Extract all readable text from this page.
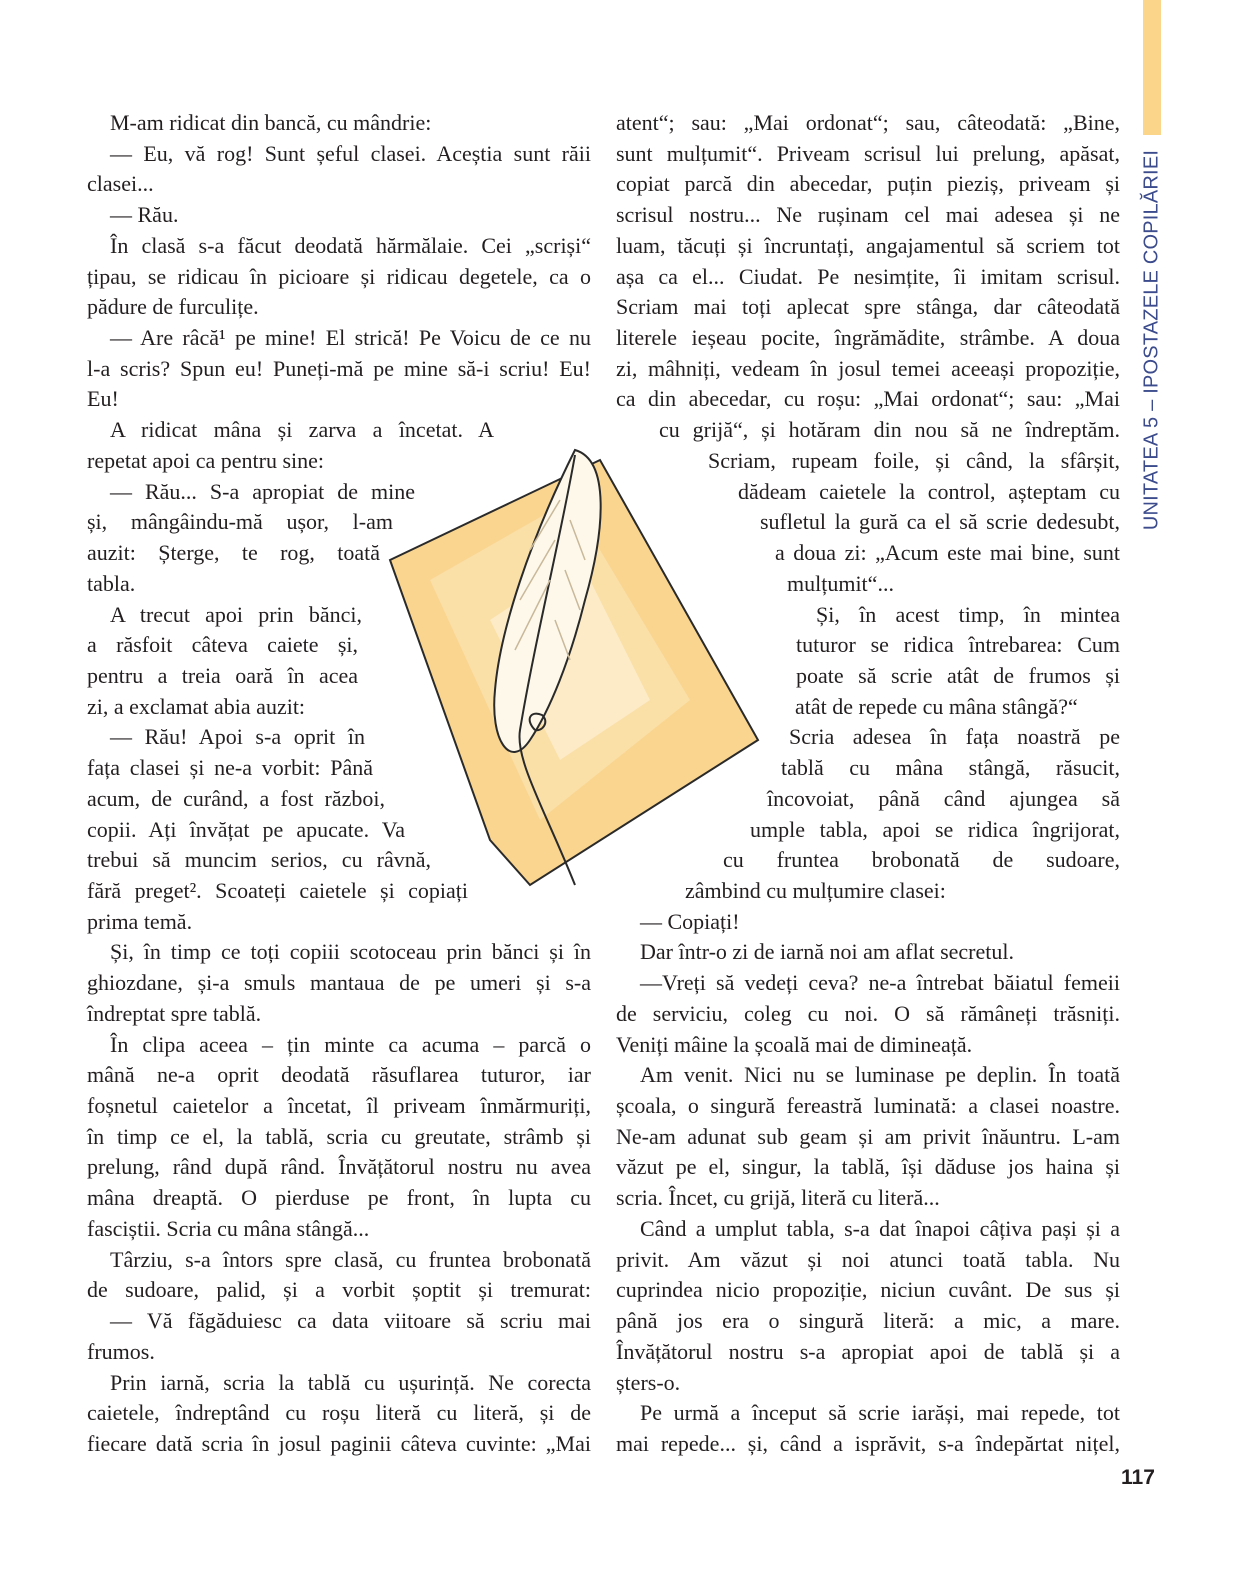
UNITATEA 5 – IPOSTAZELE COPILĂRIEI
M-am ridicat din bancă, cu mândrie:
— Eu, vă rog! Sunt șeful clasei. Aceștia sunt răii
clasei...
— Rău.
În clasă s-a făcut deodată hărmălaie. Cei „scriși“
țipau, se ridicau în picioare și ridicau degetele, ca o
pădure de furculițe.
— Are râcă¹ pe mine! El strică! Pe Voicu de ce nu
l-a scris? Spun eu! Puneți-mă pe mine să-i scriu! Eu!
Eu!
A ridicat mâna și zarva a încetat. A
repetat apoi ca pentru sine:
— Rău... S-a apropiat de mine
și, mângâindu-mă ușor, l-am
auzit: Șterge, te rog, toată
tabla.
A trecut apoi prin bănci,
a răsfoit câteva caiete și,
pentru a treia oară în acea
zi, a exclamat abia auzit:
— Rău! Apoi s-a oprit în
fața clasei și ne-a vorbit: Până
acum, de curând, a fost război,
copii. Ați învățat pe apucate. Va
trebui să muncim serios, cu râvnă,
fără preget². Scoateți caietele și copiați
prima temă.
Și, în timp ce toți copiii scotoceau prin bănci și în
ghiozdane, și-a smuls mantaua de pe umeri și s-a
îndreptat spre tablă.
În clipa aceea – țin minte ca acuma – parcă o
mână ne-a oprit deodată răsuflarea tuturor, iar
foșnetul caietelor a încetat, îl priveam înmărmuriți,
în timp ce el, la tablă, scria cu greutate, strâmb și
prelung, rând după rând. Învățătorul nostru nu avea
mâna dreaptă. O pierduse pe front, în lupta cu
fasciștii. Scria cu mâna stângă...
Târziu, s-a întors spre clasă, cu fruntea brobonată
de sudoare, palid, și a vorbit șoptit și tremurat:
— Vă făgăduiesc ca data viitoare să scriu mai
frumos.
Prin iarnă, scria la tablă cu ușurință. Ne corecta
caietele, îndreptând cu roșu literă cu literă, și de
fiecare dată scria în josul paginii câteva cuvinte: „Mai
atent“; sau: „Mai ordonat“; sau, câteodată: „Bine,
sunt mulțumit“. Priveam scrisul lui prelung, apăsat,
copiat parcă din abecedar, puțin pieziș, priveam și
scrisul nostru... Ne rușinam cel mai adesea și ne
luam, tăcuți și încruntați, angajamentul să scriem tot
așa ca el... Ciudat. Pe nesimțite, îi imitam scrisul.
Scriam mai toți aplecat spre stânga, dar câteodată
literele ieșeau pocite, îngrămădite, strâmbe. A doua
zi, mâhniți, vedeam în josul temei aceeași propoziție,
ca din abecedar, cu roșu: „Mai ordonat“; sau: „Mai
cu grijă“, și hotăram din nou să ne îndreptăm.
Scriam, rupeam foile, și când, la sfârșit,
dădeam caietele la control, așteptam cu
sufletul la gură ca el să scrie dedesubt,
a doua zi: „Acum este mai bine, sunt
mulțumit“...
Și, în acest timp, în mintea
tuturor se ridica întrebarea: Cum
poate să scrie atât de frumos și
atât de repede cu mâna stângă?“
Scria adesea în fața noastră pe
tablă cu mâna stângă, răsucit,
încovoiat, până când ajungea să
umple tabla, apoi se ridica îngrijorat,
cu fruntea brobonată de sudoare,
zâmbind cu mulțumire clasei:
— Copiați!
Dar într-o zi de iarnă noi am aflat secretul.
—Vreți să vedeți ceva? ne-a întrebat băiatul femeii
de serviciu, coleg cu noi. O să rămâneți trăsniți.
Veniți mâine la școală mai de dimineață.
Am venit. Nici nu se luminase pe deplin. În toată
școala, o singură fereastră luminată: a clasei noastre.
Ne-am adunat sub geam și am privit înăuntru. L-am
văzut pe el, singur, la tablă, își dăduse jos haina și
scria. Încet, cu grijă, literă cu literă...
Când a umplut tabla, s-a dat înapoi câțiva pași și a
privit. Am văzut și noi atunci toată tabla. Nu
cuprindea nicio propoziție, niciun cuvânt. De sus și
până jos era o singură literă: a mic, a mare.
Învățătorul nostru s-a apropiat apoi de tablă și a
șters-o.
Pe urmă a început să scrie iarăși, mai repede, tot
mai repede... și, când a isprăvit, s-a îndepărtat nițel,
117
